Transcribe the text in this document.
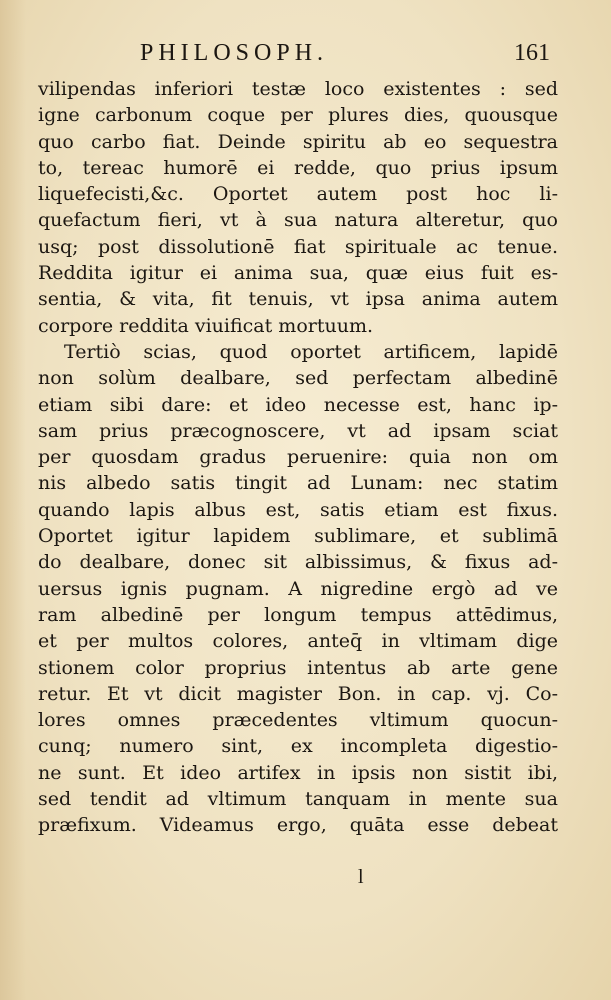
PHILOSOPH.	161
vilipendas inferiori testæ loco existentes : sed
igne carbonum coque per plures dies, quousque
quo carbo fiat. Deinde spiritu ab eo sequestra
to, tereac humorē ei redde, quo prius ipsum
liquefecisti,&c. Oportet autem post hoc li-
quefactum fieri, vt à sua natura alteretur, quo
usq; post dissolutionē fiat spirituale ac tenue.
Reddita igitur ei anima sua, quæ eius fuit es-
sentia, & vita, fit tenuis, vt ipsa anima autem
corpore reddita viuificat mortuum.
Tertiò scias, quod oportet artificem, lapidē
non solùm dealbare, sed perfectam albedinē
etiam sibi dare: et ideo necesse est, hanc ip-
sam prius præcognoscere, vt ad ipsam sciat
per quosdam gradus peruenire: quia non om
nis albedo satis tingit ad Lunam: nec statim
quando lapis albus est, satis etiam est fixus.
Oportet igitur lapidem sublimare, et sublimā
do dealbare, donec sit albissimus, & fixus ad-
uersus ignis pugnam. A nigredine ergò ad ve
ram albedinē per longum tempus attēdimus,
et per multos colores, anteq̄ in vltimam dige
stionem color proprius intentus ab arte gene
retur. Et vt dicit magister Bon. in cap. vj. Co-
lores omnes præcedentes vltimum quocun-
cunq; numero sint, ex incompleta digestio-
ne sunt. Et ideo artifex in ipsis non sistit ibi,
sed tendit ad vltimum tanquam in mente sua
præfixum. Videamus ergo, quāta esse debeat
l
